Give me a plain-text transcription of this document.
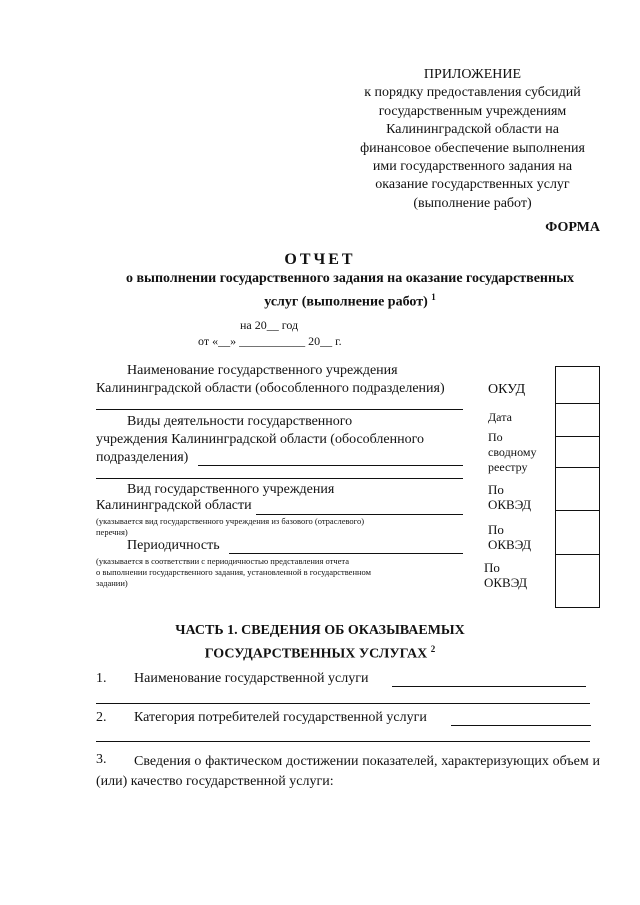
ПРИЛОЖЕНИЕ
к порядку предоставления субсидий
государственным учреждениям
Калининградской области на
финансовое обеспечение выполнения
ими государственного задания на
оказание государственных услуг
(выполнение работ)
ФОРМА
ОТЧЕТ
о выполнении государственного задания на оказание государственных
услуг (выполнение работ) $^1$
на 20__ год
от «__» ___________ 20__ г.
Наименование государственного учреждения
Калининградской области (обособленного подразделения)
Виды деятельности государственного
учреждения Калининградской области (обособленного
подразделения)
Вид государственного учреждения
Калининградской области
(указывается вид государственного учреждения из базового (отраслевого)
перечня)
Периодичность
(указывается в соответствии с периодичностью представления отчета
о выполнении государственного задания, установленной в государственном
задании)
ОКУД
Дата
По
сводному
реестру
По
ОКВЭД
По
ОКВЭД
По
ОКВЭД
ЧАСТЬ 1. СВЕДЕНИЯ ОБ ОКАЗЫВАЕМЫХ
ГОСУДАРСТВЕННЫХ УСЛУГАХ $^2$
1. Наименование государственной услуги
2. Категория потребителей государственной услуги
3.	Сведения о фактическом достижении показателей, характеризующих объем и (или) качество государственной услуги:
